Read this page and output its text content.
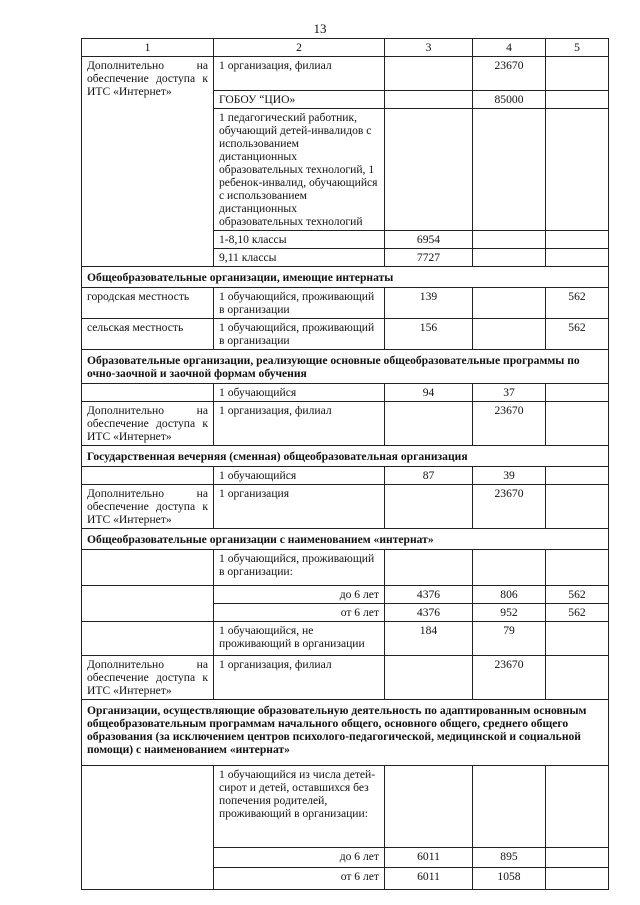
13
1	2	3	4	5
Дополнительно на обеспечение доступа к ИТС «Интернет»	1 организация, филиал		23670	
	ГОБОУ “ЦИО»		85000	
	1 педагогический работник, обучающий детей-инвалидов с использованием дистанционных образовательных технологий, 1 ребенок-инвалид, обучающийся с использованием дистанционных образовательных технологий			
	1-8,10 классы	6954		
	9,11 классы	7727		
Общеобразовательные организации, имеющие интернаты				
городская местность	1 обучающийся, проживающий в организации	139		562
сельская местность	1 обучающийся, проживающий в организации	156		562
Образовательные организации, реализующие основные общеобразовательные программы по очно-заочной и заочной формам обучения				
	1 обучающийся	94	37	
Дополнительно на обеспечение доступа к ИТС «Интернет»	1 организация, филиал		23670	
Государственная вечерняя (сменная) общеобразовательная организация				
	1 обучающийся	87	39	
Дополнительно на обеспечение доступа к ИТС «Интернет»	1 организация		23670	
Общеобразовательные организации с наименованием «интернат»				
	1 обучающийся, проживающий в организации:			
	до 6 лет	4376	806	562
	от 6 лет	4376	952	562
	1 обучающийся, не проживающий в организации	184	79	
Дополнительно на обеспечение доступа к ИТС «Интернет»	1 организация, филиал		23670	
Организации, осуществляющие образовательную деятельность по адаптированным основным общеобразовательным программам начального общего, основного общего, среднего общего образования (за исключением центров психолого-педагогической, медицинской и социальной помощи) с наименованием «интернат»				
	1 обучающийся из числа детей-сирот и детей, оставшихся без попечения родителей, проживающий в организации:			
	до 6 лет	6011	895	
	от 6 лет	6011	1058	
